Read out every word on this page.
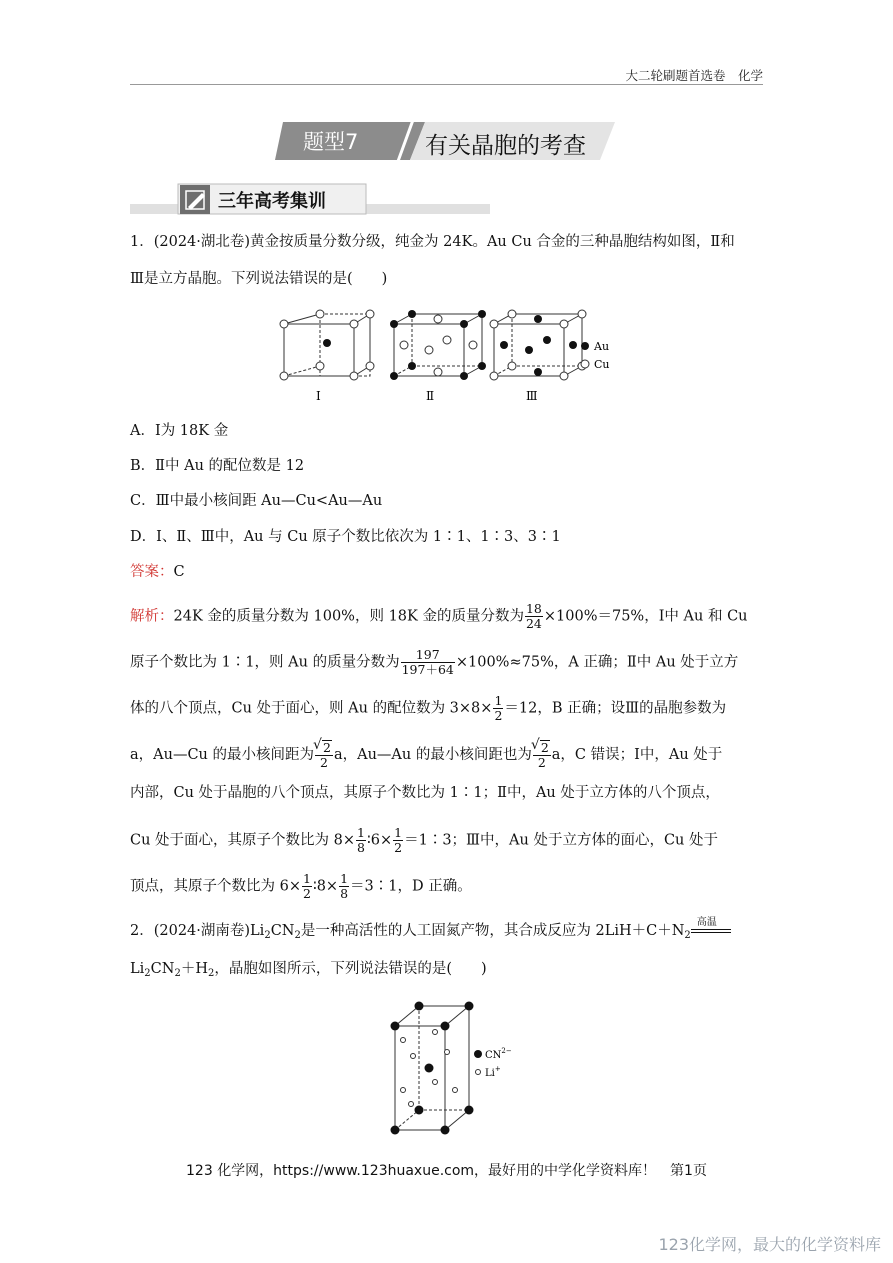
大二轮刷题首选卷　化学
题型7	有关晶胞的考查
三年高考集训
1．(2024·湖北卷)黄金按质量分数分级，纯金为 24K。Au Cu 合金的三种晶胞结构如图，Ⅱ和
Ⅲ是立方晶胞。下列说法错误的是(　　)
Ⅰ	Ⅱ	Ⅲ
Au
Cu
A．Ⅰ为 18K 金
B．Ⅱ中 Au 的配位数是 12
C．Ⅲ中最小核间距 Au—Cu<Au—Au
D．Ⅰ、Ⅱ、Ⅲ中，Au 与 Cu 原子个数比依次为 1∶1、1∶3、3∶1
答案：C
解析：24K 金的质量分数为 100%，则 18K 金的质量分数为 $\frac{18}{24} \times 100\%=75\%$，Ⅰ中 Au 和 Cu
原子个数比为 1∶1，则 Au 的质量分数为 $\frac{197}{197+64} \times 100\%\approx 75\%$，A 正确；Ⅱ中 Au 处于立方
体的八个顶点，Cu 处于面心，则 Au 的配位数为 $3\times 8\times \frac{1}{2} =12$，B 正确；设Ⅲ的晶胞参数为
a，Au—Cu 的最小核间距为 √ $\frac{2}{2}$ a，Au—Au 的最小核间距也为 √ $\frac{2}{2}$ a，C 错误；Ⅰ中，Au 处于
内部，Cu 处于晶胞的八个顶点，其原子个数比为 1∶1；Ⅱ中，Au 处于立方体的八个顶点，
Cu 处于面心，其原子个数比为 $8\times \frac{1}{8}$ ∶6× $\frac{1}{2}$ ＝1∶3；Ⅲ中，Au 处于立方体的面心，Cu 处于
顶点，其原子个数比为 $6\times \frac{1}{2}$ ∶8× $\frac{1}{8}$ ＝3∶1，D 正确。
2．(2024·湖南卷)$Li_2CN_2$是一种高活性的人工固氮产物，其合成反应为 $2LiH+C+N_2$
高温
$Li_2CN_2+H_2$，晶胞如图所示，下列说法错误的是(　　)
$CN^{2-}$
Li+
123 化学网，https://www.123huaxue.com，最好用的中学化学资料库！　第1页
123化学网，最大的化学资料库
